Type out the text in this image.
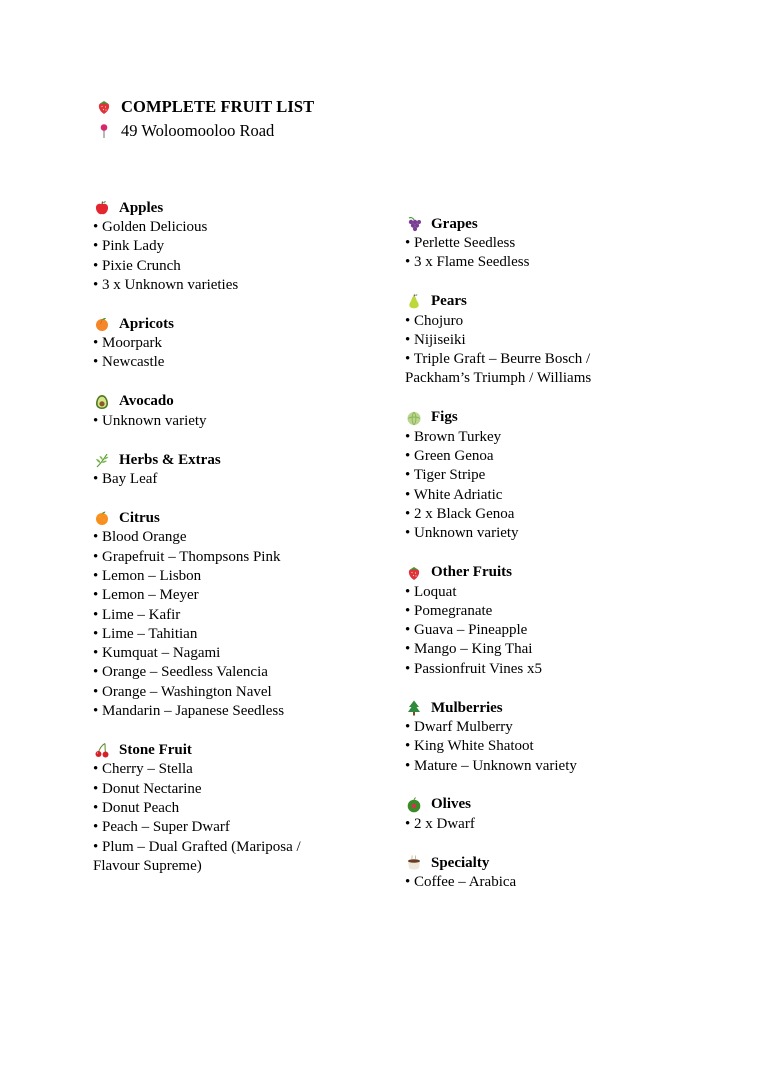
COMPLETE FRUIT LIST
49 Woloomooloo Road
Apples
• Golden Delicious
• Pink Lady
• Pixie Crunch
• 3 x Unknown varieties
Apricots
• Moorpark
• Newcastle
Avocado
• Unknown variety
Herbs & Extras
• Bay Leaf
Citrus
• Blood Orange
• Grapefruit – Thompsons Pink
• Lemon – Lisbon
• Lemon – Meyer
• Lime – Kafir
• Lime – Tahitian
• Kumquat – Nagami
• Orange – Seedless Valencia
• Orange – Washington Navel
• Mandarin – Japanese Seedless
Stone Fruit
• Cherry – Stella
• Donut Nectarine
• Donut Peach
• Peach – Super Dwarf
• Plum – Dual Grafted (Mariposa /
Flavour Supreme)
Grapes
• Perlette Seedless
• 3 x Flame Seedless
Pears
• Chojuro
• Nijiseiki
• Triple Graft – Beurre Bosch /
Packham’s Triumph / Williams
Figs
• Brown Turkey
• Green Genoa
• Tiger Stripe
• White Adriatic
• 2 x Black Genoa
• Unknown variety
Other Fruits
• Loquat
• Pomegranate
• Guava – Pineapple
• Mango – King Thai
• Passionfruit Vines x5
Mulberries
• Dwarf Mulberry
• King White Shatoot
• Mature – Unknown variety
Olives
• 2 x Dwarf
Specialty
• Coffee – Arabica
